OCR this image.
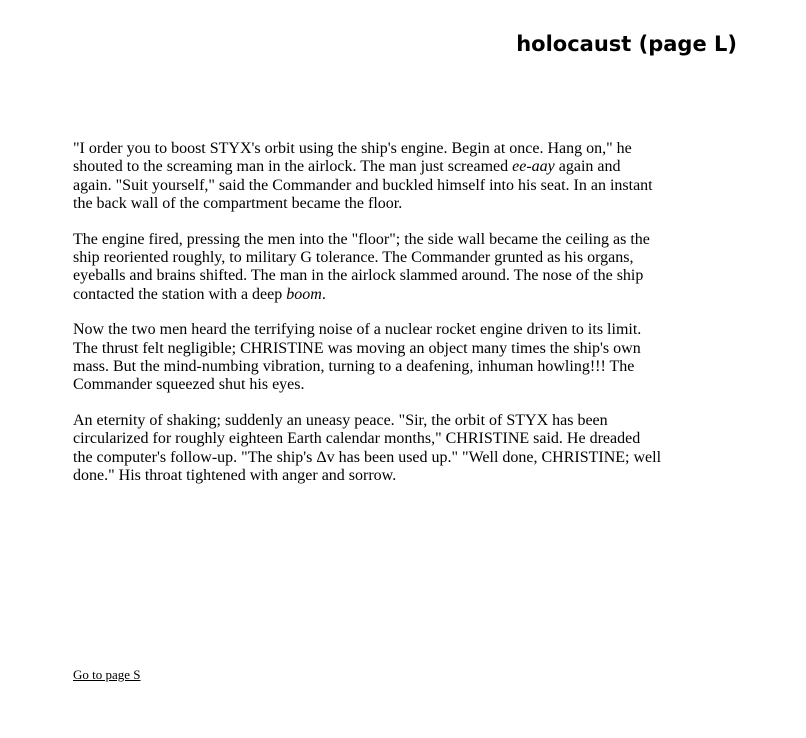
holocaust (page L)

"I order you to boost STYX's orbit using the ship's engine. Begin at once. Hang on," he shouted to the screaming man in the airlock. The man just screamed ee-aay again and again. "Suit yourself," said the Commander and buckled himself into his seat. In an instant the back wall of the compartment became the floor.

The engine fired, pressing the men into the "floor"; the side wall became the ceiling as the ship reoriented roughly, to military G tolerance. The Commander grunted as his organs, eyeballs and brains shifted. The man in the airlock slammed around. The nose of the ship contacted the station with a deep boom.

Now the two men heard the terrifying noise of a nuclear rocket engine driven to its limit. The thrust felt negligible; CHRISTINE was moving an object many times the ship's own mass. But the mind-numbing vibration, turning to a deafening, inhuman howling!!! The Commander squeezed shut his eyes.

An eternity of shaking; suddenly an uneasy peace. "Sir, the orbit of STYX has been circularized for roughly eighteen Earth calendar months," CHRISTINE said. He dreaded the computer's follow-up. "The ship's Δv has been used up." "Well done, CHRISTINE; well done." His throat tightened with anger and sorrow.

Go to page S
